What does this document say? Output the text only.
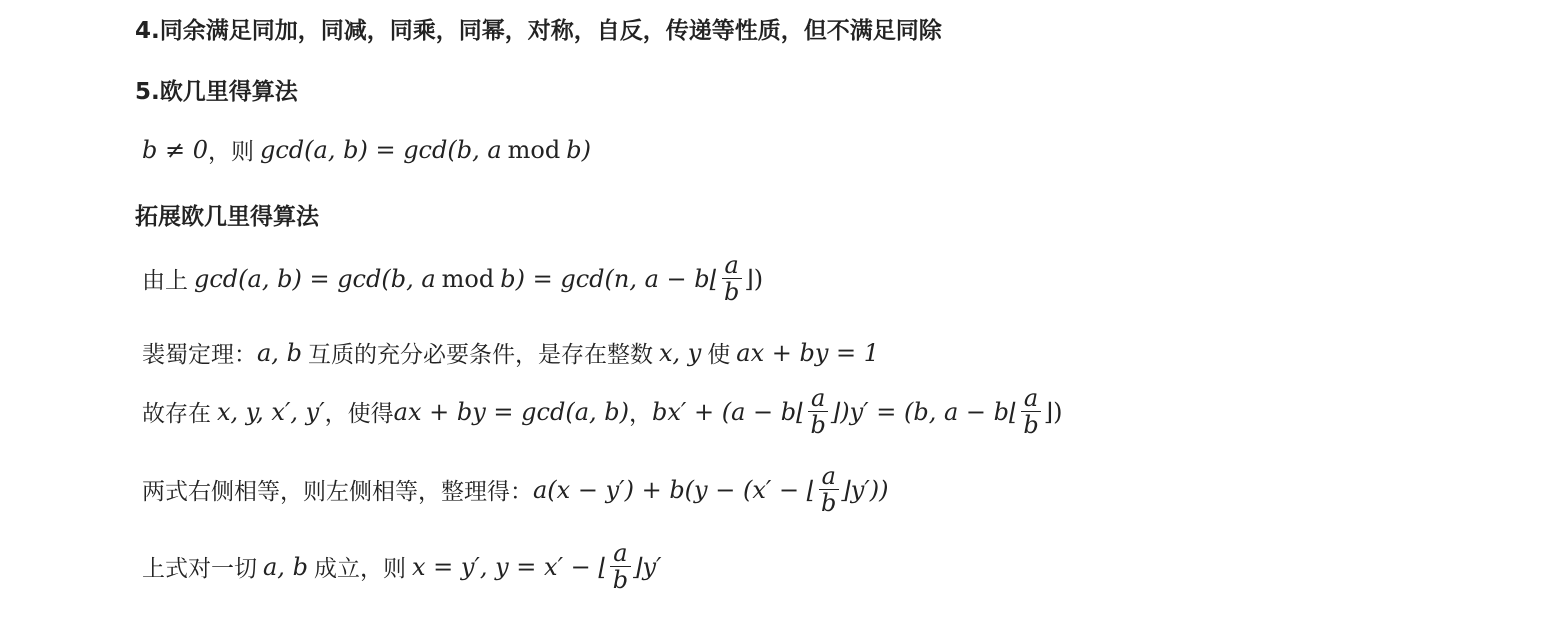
4.同余满足同加，同减，同乘，同幂，对称，自反，传递等性质，但不满足同除
5.欧几里得算法
b ≠ 0 ，则 gcd(a, b) = gcd(b, a mod b)
拓展欧几里得算法
由上 gcd(a, b) = gcd(b, a mod b) = gcd(n, a − b⌊ $\frac{a}{b}$ ⌋)
裴蜀定理： a, b 互质的充分必要条件，是存在整数 x, y 使 ax + by = 1
故存在 x, y, x′, y′ ，使得 ax + by = gcd(a, b) ， bx′ + (a − b⌊ $\frac{a}{b}$ ⌋)y′ = (b, a − b⌊ $\frac{a}{b}$ ⌋)
两式右侧相等，则左侧相等，整理得： a(x − y′) + b(y − (x′ − ⌊ $\frac{a}{b}$ ⌋y′))
上式对一切 a, b 成立，则 x = y′, y = x′ − ⌊ $\frac{a}{b}$ ⌋y′
